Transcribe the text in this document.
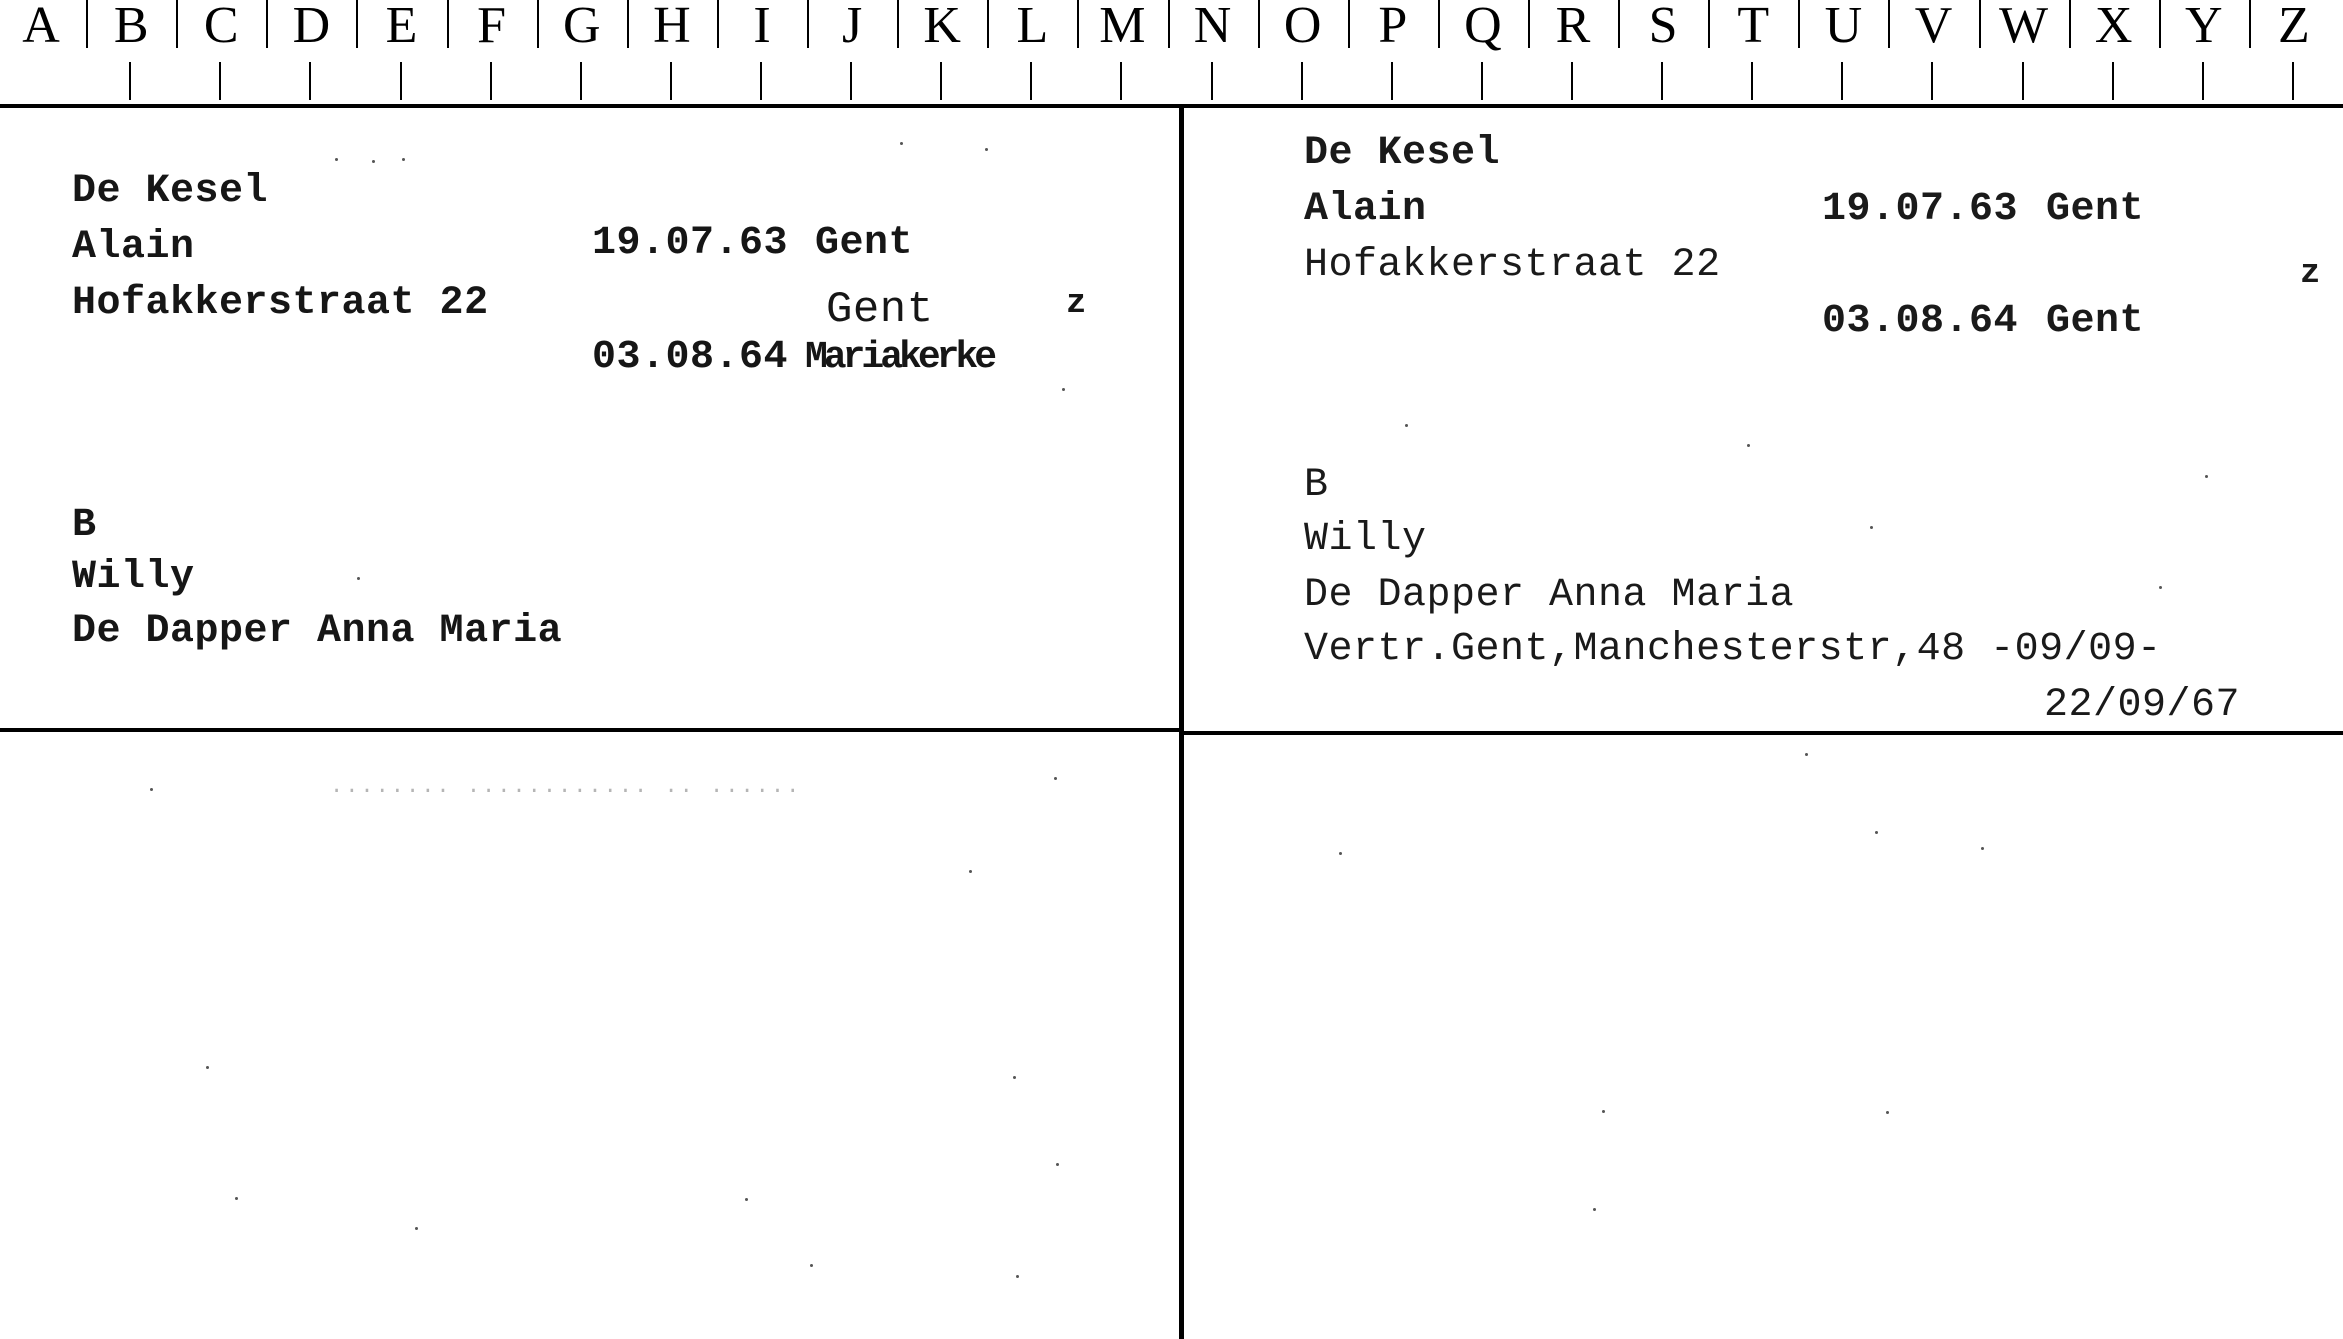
A	B	C	D	E	F	G	H	I	J	K	L M N	O	P	Q	R	S	T	U	V W X	Y	Z
De Kesel
Alain
Hofakkerstraat 22
19.07.63 Gent
Gent	z
03.08.64 Mariakerke
B
Willy
De Dapper Anna Maria
De Kesel
Alain
Hofakkerstraat 22
19.07.63 Gent
z
03.08.64 Gent
B
Willy
De Dapper Anna Maria
Vertr.Gent,Manchesterstr,48 -09/09-
22/09/67
........ ............ .. ......
